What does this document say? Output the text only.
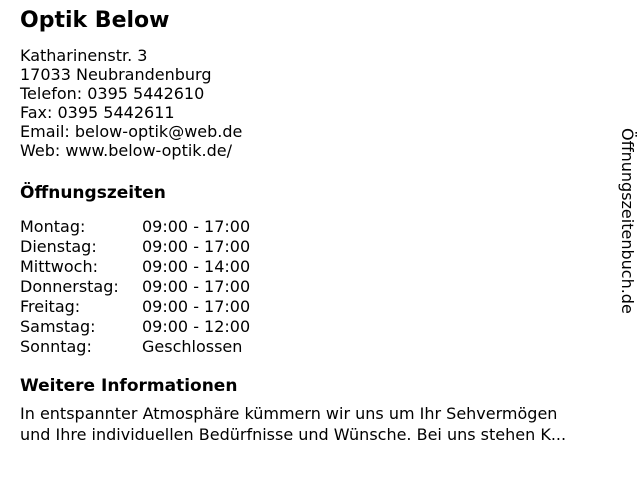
Optik Below
Katharinenstr. 3
17033 Neubrandenburg
Telefon: 0395 5442610
Fax: 0395 5442611
Email: below-optik@web.de
Web: www.below-optik.de/
Öffnungszeiten
Montag:	09:00 - 17:00
Dienstag:	09:00 - 17:00
Mittwoch:	09:00 - 14:00
Donnerstag:	09:00 - 17:00
Freitag:	09:00 - 17:00
Samstag:	09:00 - 12:00
Sonntag:	Geschlossen
Weitere Informationen
In entspannter Atmosphäre kümmern wir uns um Ihr Sehvermögen
und Ihre individuellen Bedürfnisse und Wünsche. Bei uns stehen K...
Öffnungszeitenbuch.de
